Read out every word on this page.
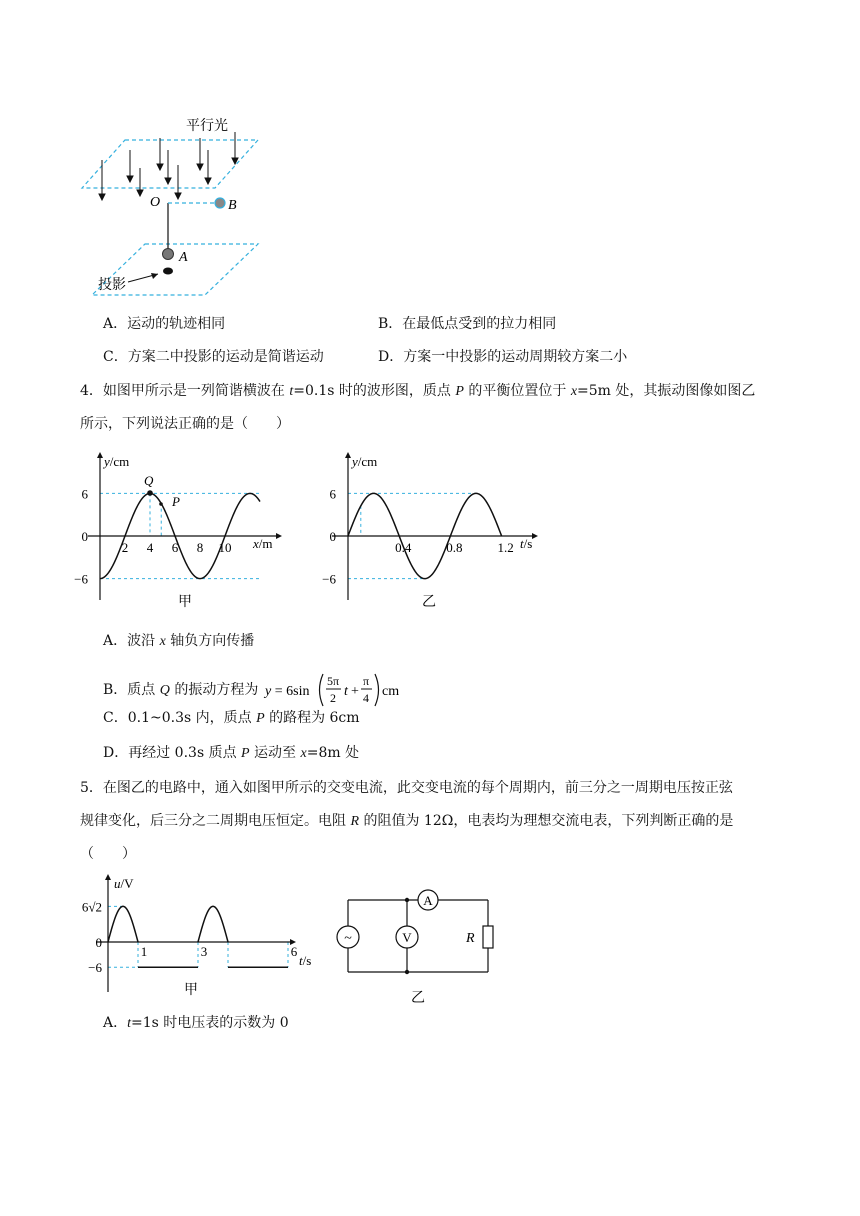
平行光
O	B
A
投影
A．运动的轨迹相同	B．在最低点受到的拉力相同
C．方案二中投影的运动是简谐运动	D．方案一中投影的运动周期较方案二小
4．如图甲所示是一列简谐横波在 t=0.1s 时的波形图，质点 P 的平衡位置位于 x=5m 处，其振动图像如图乙
所示，下列说法正确的是（　　）
6
0
−6
2 4 6 8 10
Q
P
y/cm
x/m
甲
6
0
−6
0.4	0.8	1.2
y/cm
t/s
乙
A．波沿 x 轴负方向传播
B．质点 Q 的振动方程为 y = 6sin
5π
2 t +
π
4 cm
C．0.1~0.3s 内，质点 P 的路程为 6cm
D．再经过 0.3s 质点 P 运动至 x=8m 处
5．在图乙的电路中，通入如图甲所示的交变电流，此交变电流的每个周期内，前三分之一周期电压按正弦
规律变化，后三分之二周期电压恒定。电阻 R 的阻值为 12Ω，电表均为理想交流电表，下列判断正确的是
（　　）
6√2
0
−6
1	3	6
u/V
t/s
甲
~	V
A
R
乙
A．t=1s 时电压表的示数为 0
